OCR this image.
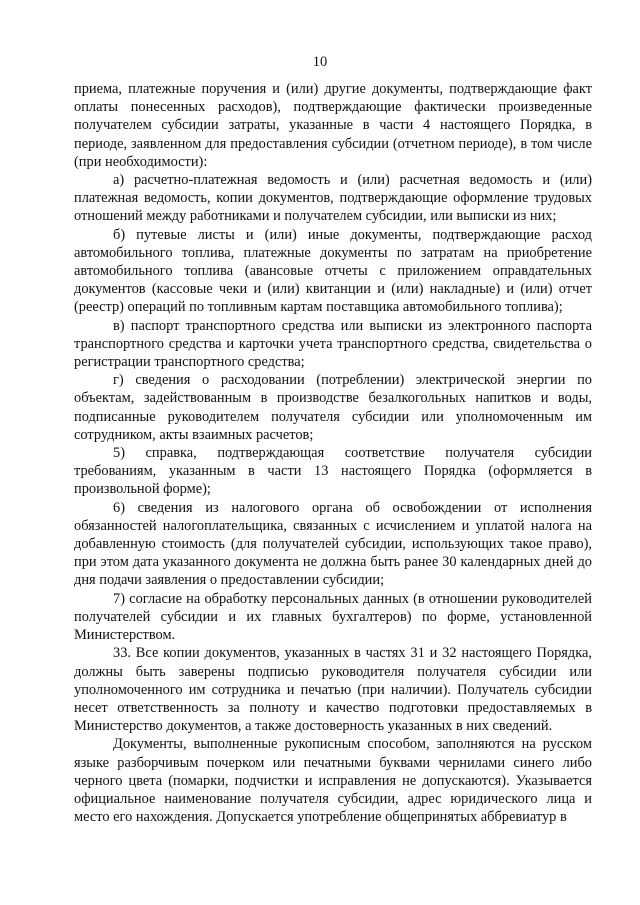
10

приема, платежные поручения и (или) другие документы, подтверждающие факт оплаты понесенных расходов), подтверждающие фактически произведенные получателем субсидии затраты, указанные в части 4 настоящего Порядка, в периоде, заявленном для предоставления субсидии (отчетном периоде), в том числе (при необходимости):

а) расчетно-платежная ведомость и (или) расчетная ведомость и (или) платежная ведомость, копии документов, подтверждающие оформление трудовых отношений между работниками и получателем субсидии, или выписки из них;

б) путевые листы и (или) иные документы, подтверждающие расход автомобильного топлива, платежные документы по затратам на приобретение автомобильного топлива (авансовые отчеты с приложением оправдательных документов (кассовые чеки и (или) квитанции и (или) накладные) и (или) отчет (реестр) операций по топливным картам поставщика автомобильного топлива);

в) паспорт транспортного средства или выписки из электронного паспорта транспортного средства и карточки учета транспортного средства, свидетельства о регистрации транспортного средства;

г) сведения о расходовании (потреблении) электрической энергии по объектам, задействованным в производстве безалкогольных напитков и воды, подписанные руководителем получателя субсидии или уполномоченным им сотрудником, акты взаимных расчетов;

5) справка, подтверждающая соответствие получателя субсидии требованиям, указанным в части 13 настоящего Порядка (оформляется в произвольной форме);

6) сведения из налогового органа об освобождении от исполнения обязанностей налогоплательщика, связанных с исчислением и уплатой налога на добавленную стоимость (для получателей субсидии, использующих такое право), при этом дата указанного документа не должна быть ранее 30 календарных дней до дня подачи заявления о предоставлении субсидии;

7) согласие на обработку персональных данных (в отношении руководителей получателей субсидии и их главных бухгалтеров) по форме, установленной Министерством.

33. Все копии документов, указанных в частях 31 и 32 настоящего Порядка, должны быть заверены подписью руководителя получателя субсидии или уполномоченного им сотрудника и печатью (при наличии). Получатель субсидии несет ответственность за полноту и качество подготовки предоставляемых в Министерство документов, а также достоверность указанных в них сведений.

Документы, выполненные рукописным способом, заполняются на русском языке разборчивым почерком или печатными буквами чернилами синего либо черного цвета (помарки, подчистки и исправления не допускаются). Указывается официальное наименование получателя субсидии, адрес юридического лица и место его нахождения. Допускается употребление общепринятых аббревиатур в
